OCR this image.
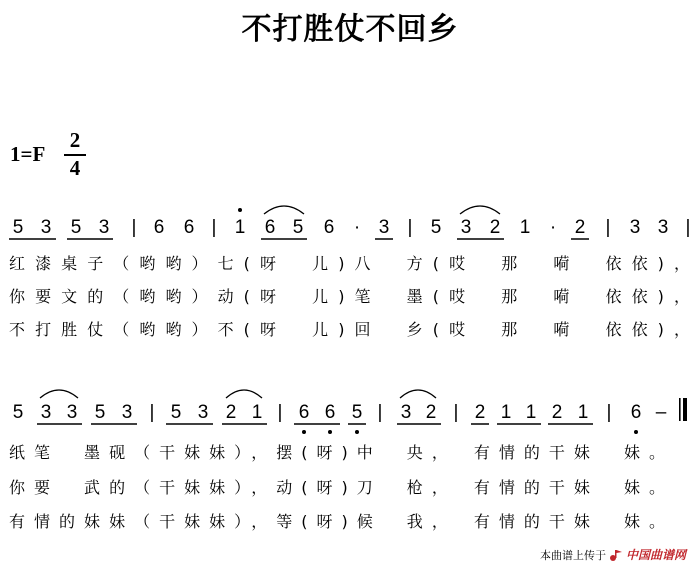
不打胜仗不回乡
1=F
2
4
5 3 5 3 | 6 6 | 1 6 5 6 · 3 | 5 3 2 1 · 2 | 3 3 |
5 3 3 5 3 | 5 3 2 1 | 6 6 5 | 3 2 | 2 1 1 2 1 | 6 –
红漆桌子（哟哟）七(呀　儿)八　方(哎　那　嗬　依依)，
你要文的（哟哟）动(呀　儿)笔　墨(哎　那　嗬　依依)，
不打胜仗（哟哟）不(呀　儿)回　乡(哎　那　嗬　依依)，
纸笔　墨砚（干妹妹），摆(呀)中　央，　有情的干妹　妹。
你要　武的（干妹妹），动(呀)刀　枪，　有情的干妹　妹。
有情的妹妹（干妹妹），等(呀)候　我，　有情的干妹　妹。
本曲谱上传于 中国曲谱网
